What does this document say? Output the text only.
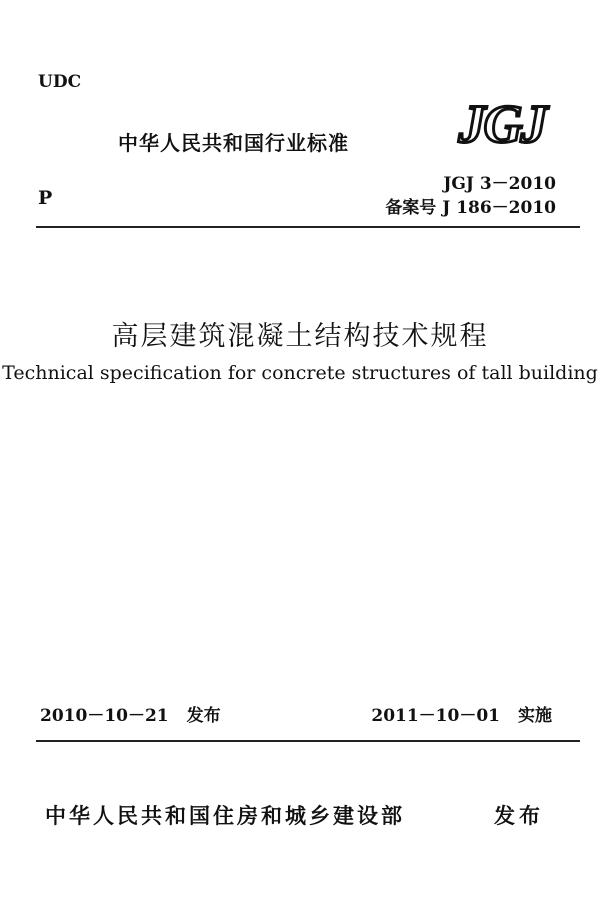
UDC
P
中华人民共和国行业标准 JGJ
JGJ 3－2010
备案号 J 186－2010
高层建筑混凝土结构技术规程
Technical specification for concrete structures of tall building
2010－10－21 发布	2011－10－01 实施
中华人民共和国住房和城乡建设部	发布
